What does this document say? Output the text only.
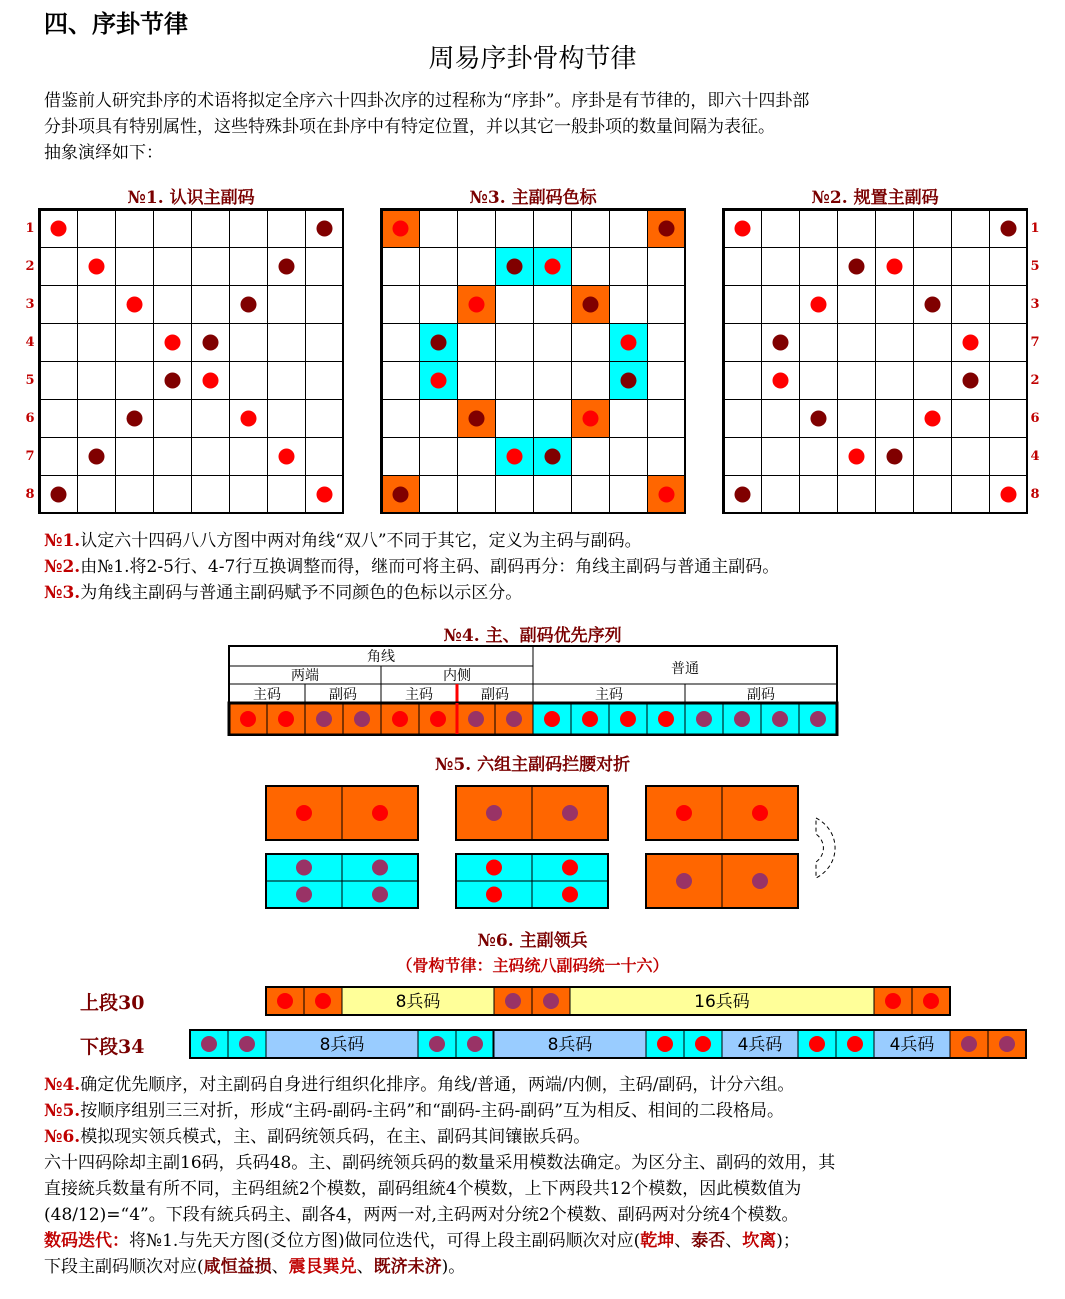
四、序卦节律
周易序卦骨构节律
借鉴前人研究卦序的术语将拟定全序六十四卦次序的过程称为“序卦”。序卦是有节律的，即六十四卦部
分卦项具有特别属性，这些特殊卦项在卦序中有特定位置，并以其它一般卦项的数量间隔为表征。
抽象演绎如下：
№1. 认识主副码	№3. 主副码色标	№2. 规置主副码
1
2
3
4
5
6
7
8
1
5
3
7
2
6
4
8
№1.认定六十四码八八方图中两对角线“双八”不同于其它，定义为主码与副码。
№2.由№1.将2-5行、4-7行互换调整而得，继而可将主码、副码再分：角线主副码与普通主副码。
№3.为角线主副码与普通主副码赋予不同颜色的色标以示区分。
№4. 主、副码优先序列
角线
普通
两端	内侧
主码	副码	主码	副码	主码	副码
№5. 六组主副码拦腰对折
№6. 主副领兵
（骨构节律：主码统八副码统一十六）
上段30
下段34
8兵码	16兵码
8兵码	8兵码	4兵码	4兵码
№4.确定优先顺序，对主副码自身进行组织化排序。角线/普通，两端/内侧，主码/副码，计分六组。
№5.按顺序组别三三对折，形成“主码-副码-主码”和“副码-主码-副码”互为相反、相间的二段格局。
№6.模拟现实领兵模式，主、副码统领兵码，在主、副码其间镶嵌兵码。
六十四码除却主副16码，兵码48。主、副码统领兵码的数量采用模数法确定。为区分主、副码的效用，其
直接統兵数量有所不同，主码组統2个模数，副码组統4个模数，上下两段共12个模数，因此模数值为
(48/12)=“4”。下段有統兵码主、副各4，两两一对,主码两对分统2个模数、副码两对分统4个模数。
数码迭代：将№1.与先天方图(爻位方图)做同位迭代，可得上段主副码顺次对应(乾坤、泰否、坎离)；
下段主副码顺次对应(咸恒益损、震艮巽兑、既济未济)。
